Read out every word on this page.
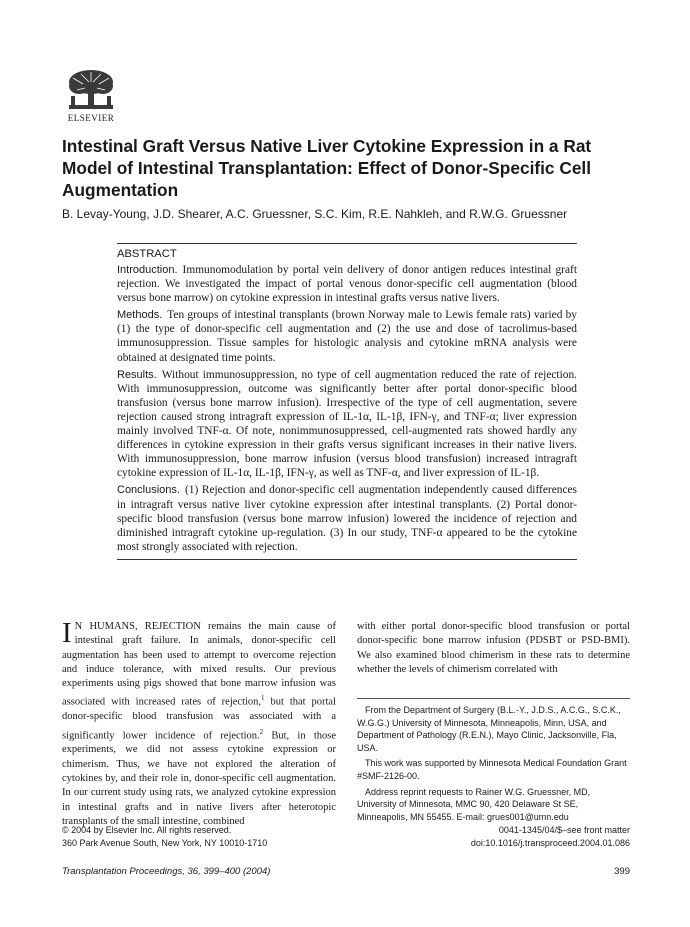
ELSEVIER
Intestinal Graft Versus Native Liver Cytokine Expression in a Rat Model of Intestinal Transplantation: Effect of Donor-Specific Cell Augmentation
B. Levay-Young, J.D. Shearer, A.C. Gruessner, S.C. Kim, R.E. Nahkleh, and R.W.G. Gruessner
ABSTRACT

Introduction. Immunomodulation by portal vein delivery of donor antigen reduces intestinal graft rejection. We investigated the impact of portal venous donor-specific cell augmentation (blood versus bone marrow) on cytokine expression in intestinal grafts versus native livers.

Methods. Ten groups of intestinal transplants (brown Norway male to Lewis female rats) varied by (1) the type of donor-specific cell augmentation and (2) the use and dose of tacrolimus-based immunosuppression. Tissue samples for histologic analysis and cytokine mRNA analysis were obtained at designated time points.

Results. Without immunosuppression, no type of cell augmentation reduced the rate of rejection. With immunosuppression, outcome was significantly better after portal donor-specific blood transfusion (versus bone marrow infusion). Irrespective of the type of cell augmentation, severe rejection caused strong intragraft expression of IL-1α, IL-1β, IFN-γ, and TNF-α; liver expression mainly involved TNF-α. Of note, nonimmunosuppressed, cell-augmented rats showed hardly any differences in cytokine expression in their grafts versus significant increases in their native livers. With immunosuppression, bone marrow infusion (versus blood transfusion) increased intragraft cytokine expression of IL-1α, IL-1β, IFN-γ, as well as TNF-α, and liver expression of IL-1β.

Conclusions. (1) Rejection and donor-specific cell augmentation independently caused differences in intragraft versus native liver cytokine expression after intestinal transplants. (2) Portal donor-specific blood transfusion (versus bone marrow infusion) lowered the incidence of rejection and diminished intragraft cytokine up-regulation. (3) In our study, TNF-α appeared to be the cytokine most strongly associated with rejection.

I N HUMANS, REJECTION remains the main cause of intestinal graft failure. In animals, donor-specific cell augmentation has been used to attempt to overcome rejection and induce tolerance, with mixed results. Our previous experiments using pigs showed that bone marrow infusion was associated with increased rates of rejection,$^1$ but that portal donor-specific blood transfusion was associated with a significantly lower incidence of rejection.$^2$ But, in those experiments, we did not assess cytokine expression or chimerism. Thus, we have not explored the alteration of cytokines by, and their role in, donor-specific cell augmentation. In our current study using rats, we analyzed cytokine expression in intestinal grafts and in native livers after heterotopic transplants of the small intestine, combined
with either portal donor-specific blood transfusion or portal donor-specific bone marrow infusion (PDSBT or PSD-BMI). We also examined blood chimerism in these rats to determine whether the levels of chimerism correlated with

From the Department of Surgery (B.L.-Y., J.D.S., A.C.G., S.C.K., W.G.G.) University of Minnesota, Minneapolis, Minn, USA, and Department of Pathology (R.E.N.), Mayo Clinic, Jacksonville, Fla, USA.

This work was supported by Minnesota Medical Foundation Grant #SMF-2126-00.

Address reprint requests to Rainer W.G. Gruessner, MD, University of Minnesota, MMC 90, 420 Delaware St SE, Minneapolis, MN 55455. E-mail: grues001@umn.edu

© 2004 by Elsevier Inc. All rights reserved.
360 Park Avenue South, New York, NY 10010-1710
0041-1345/04/$–see front matter
doi:10.1016/j.transproceed.2004.01.086
Transplantation Proceedings, 36, 399–400 (2004)	399
